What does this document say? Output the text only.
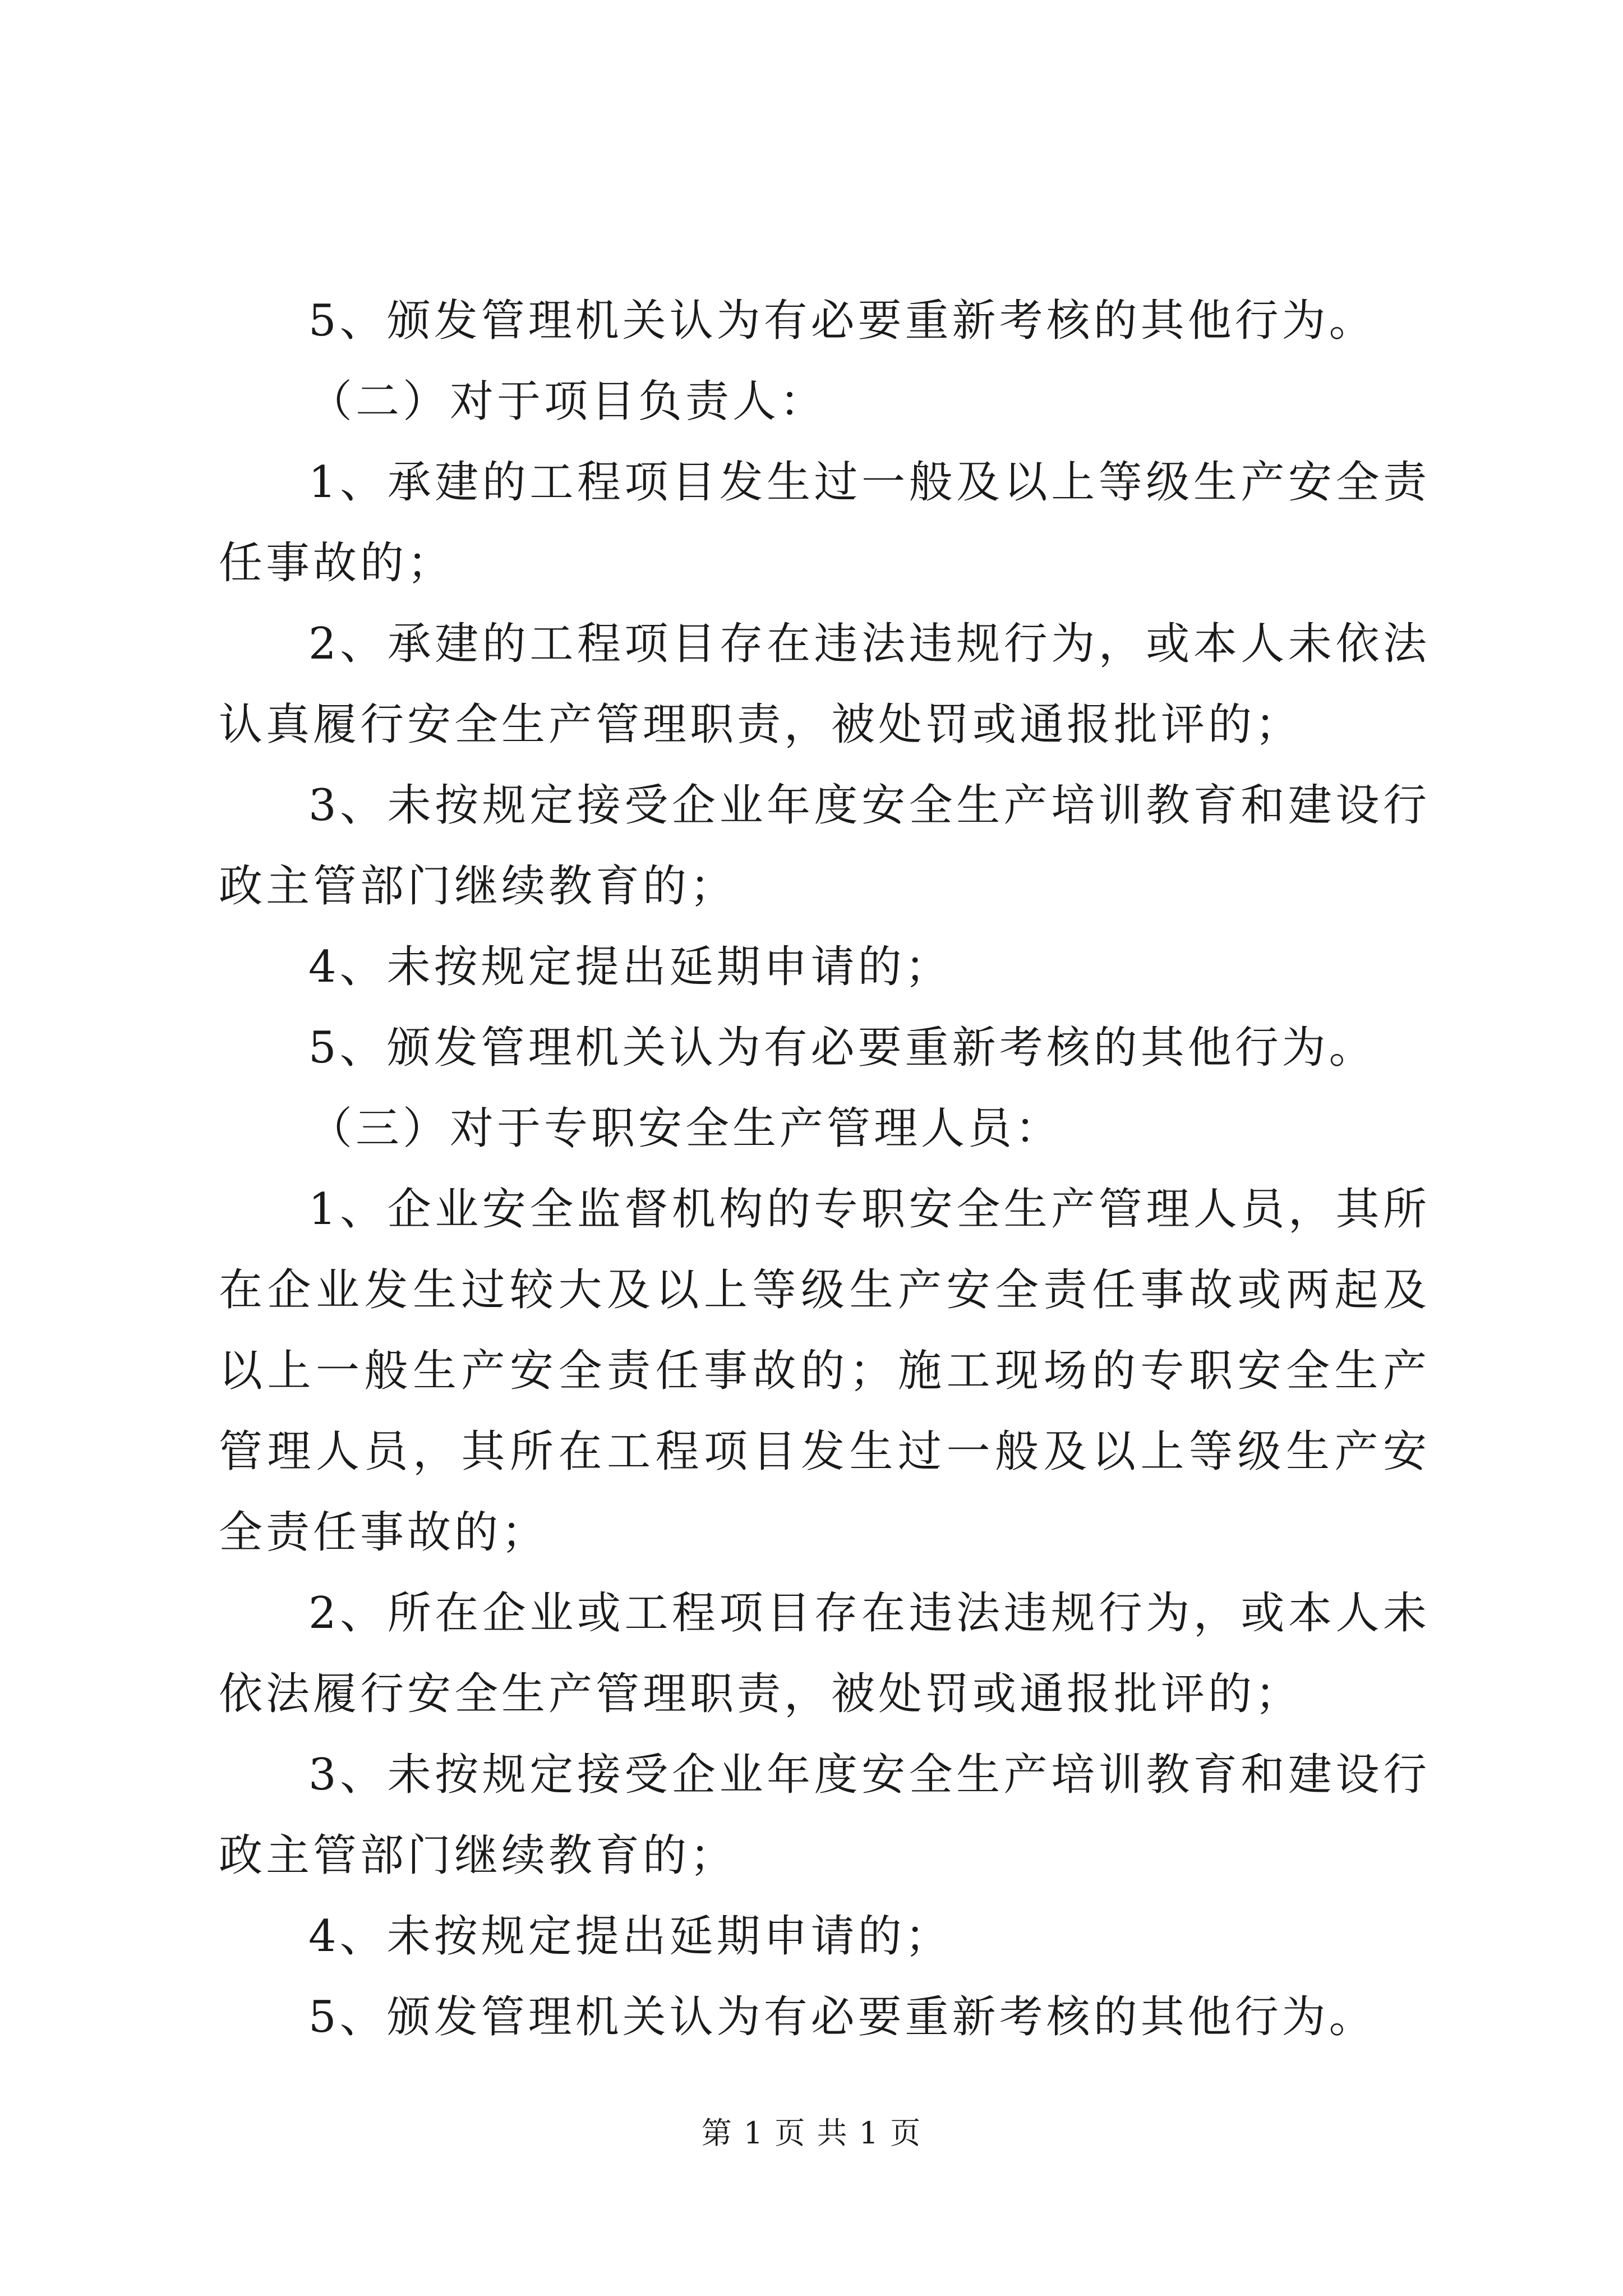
5、颁发管理机关认为有必要重新考核的其他行为。

（二）对于项目负责人：

1、承建的工程项目发生过一般及以上等级生产安全责任事故的；

2、承建的工程项目存在违法违规行为，或本人未依法认真履行安全生产管理职责，被处罚或通报批评的；

3、未按规定接受企业年度安全生产培训教育和建设行政主管部门继续教育的；

4、未按规定提出延期申请的；

5、颁发管理机关认为有必要重新考核的其他行为。

（三）对于专职安全生产管理人员：

1、企业安全监督机构的专职安全生产管理人员，其所在企业发生过较大及以上等级生产安全责任事故或两起及以上一般生产安全责任事故的；施工现场的专职安全生产管理人员，其所在工程项目发生过一般及以上等级生产安全责任事故的；

2、所在企业或工程项目存在违法违规行为，或本人未依法履行安全生产管理职责，被处罚或通报批评的；

3、未按规定接受企业年度安全生产培训教育和建设行政主管部门继续教育的；

4、未按规定提出延期申请的；

5、颁发管理机关认为有必要重新考核的其他行为。

第 1 页 共 1 页
